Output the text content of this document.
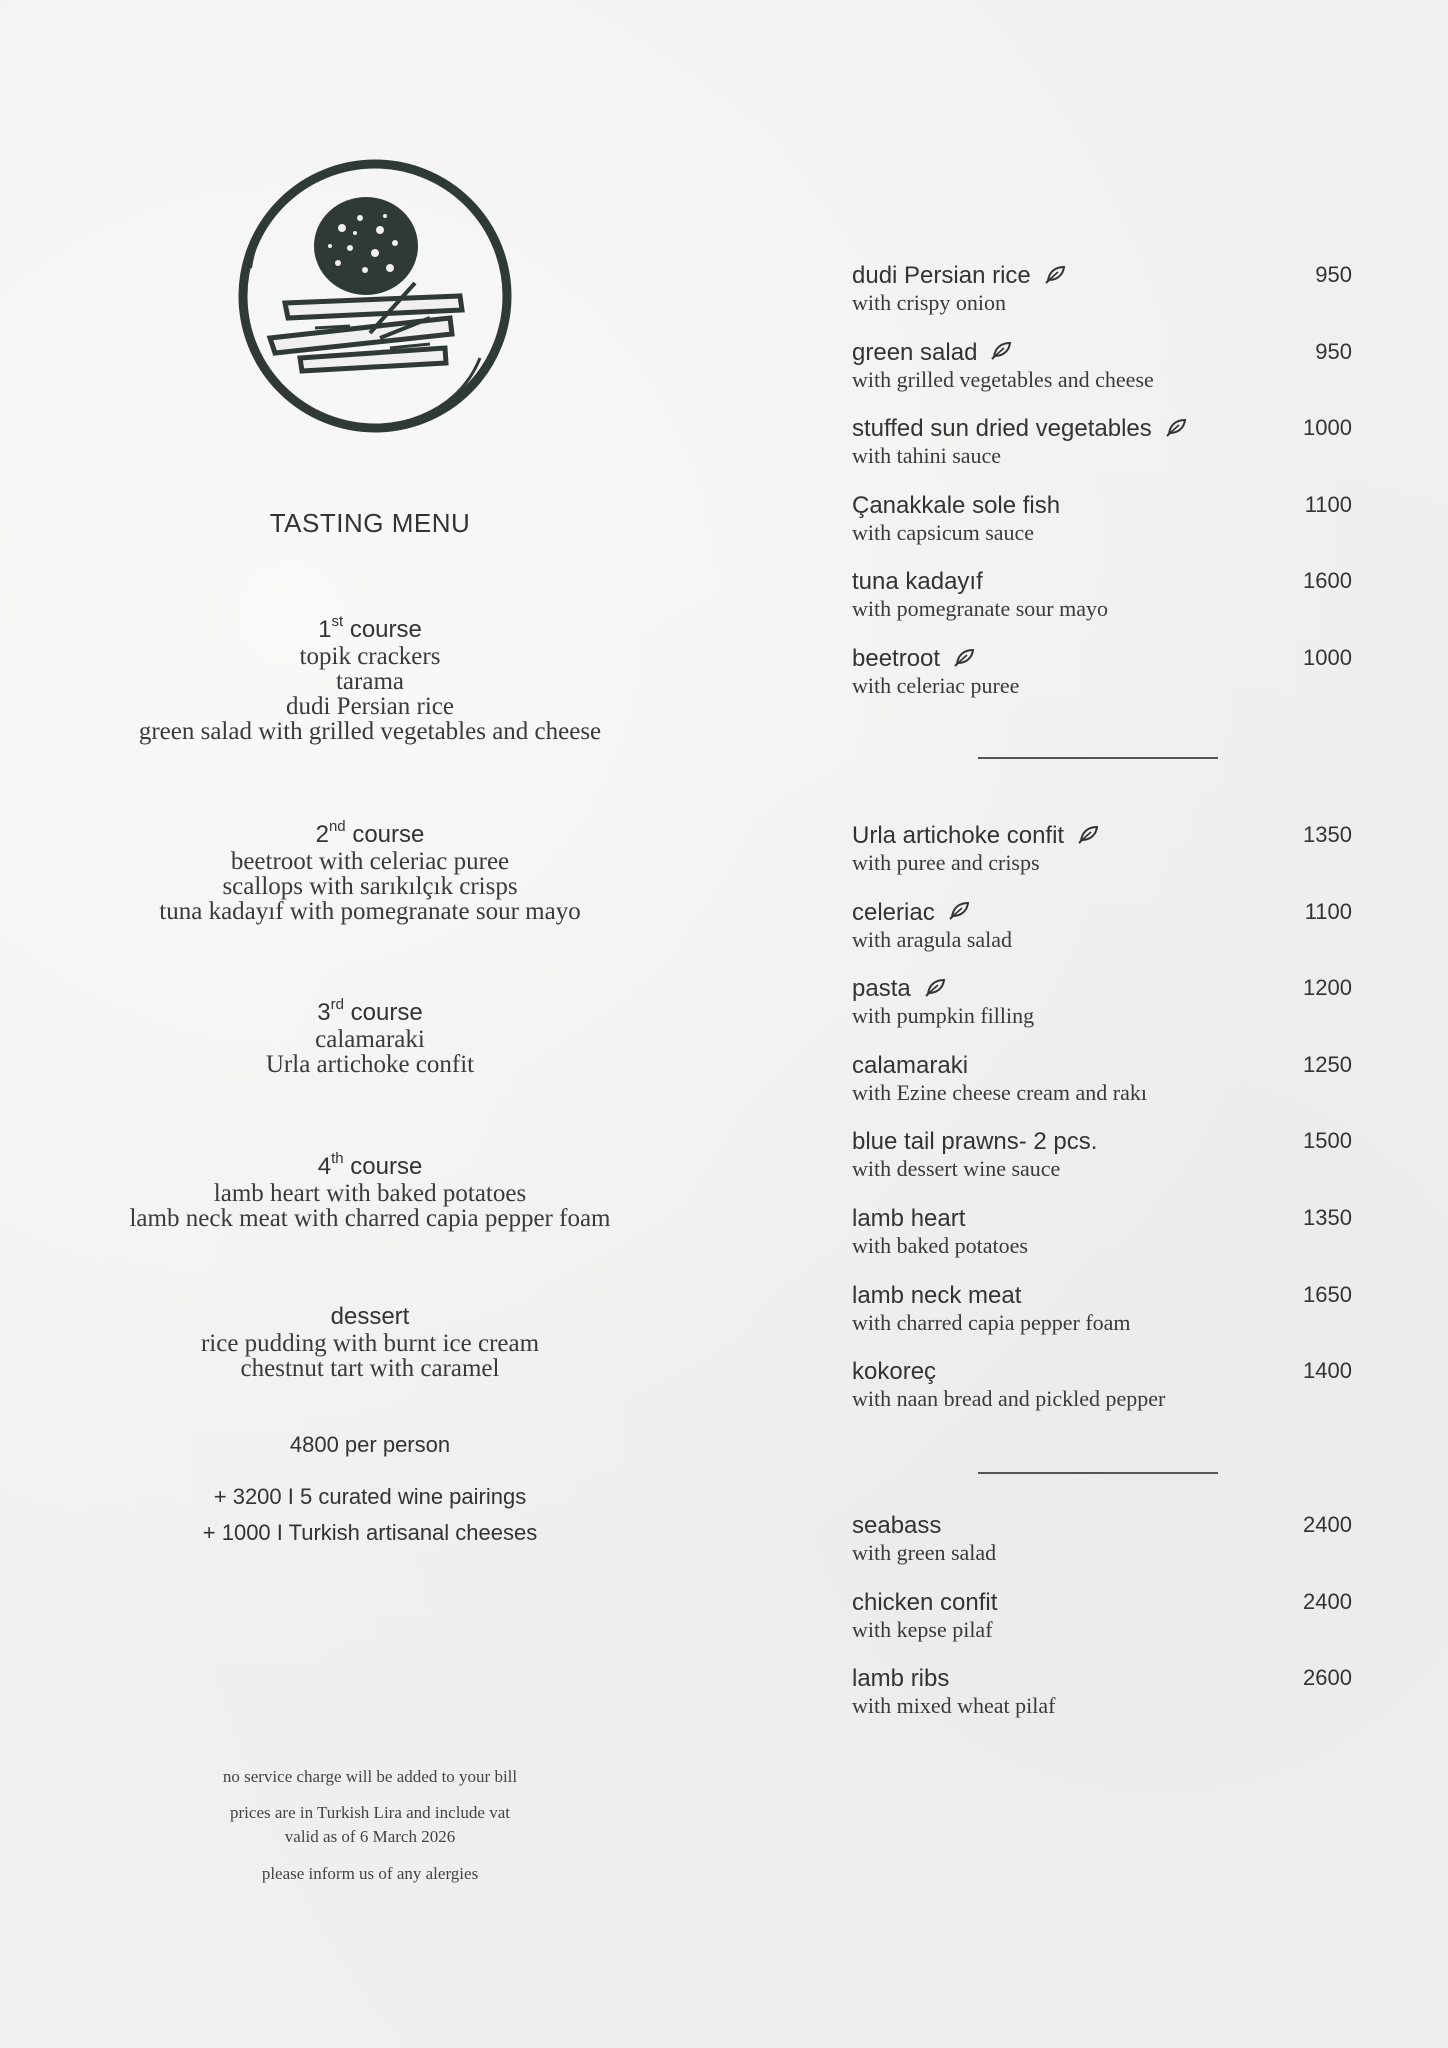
TASTING MENU
1st course
topik crackers
tarama
dudi Persian rice
green salad with grilled vegetables and cheese
2nd course
beetroot with celeriac puree
scallops with sarıkılçık crisps
tuna kadayıf with pomegranate sour mayo
3rd course
calamaraki
Urla artichoke confit
4th course
lamb heart with baked potatoes
lamb neck meat with charred capia pepper foam
dessert
rice pudding with burnt ice cream
chestnut tart with caramel
4800 per person
+ 3200 I 5 curated wine pairings
+ 1000 I Turkish artisanal cheeses
no service charge will be added to your bill
prices are in Turkish Lira and include vat
valid as of 6 March 2026
please inform us of any alergies
dudi Persian rice
with crispy onion
950
green salad
with grilled vegetables and cheese
950
stuffed sun dried vegetables
with tahini sauce
1000
Çanakkale sole fish
with capsicum sauce
1100
tuna kadayıf
with pomegranate sour mayo
1600
beetroot
with celeriac puree
1000
Urla artichoke confit
with puree and crisps
1350
celeriac
with aragula salad
1100
pasta
with pumpkin filling
1200
calamaraki
with Ezine cheese cream and rakı
1250
blue tail prawns- 2 pcs.
with dessert wine sauce
1500
lamb heart
with baked potatoes
1350
lamb neck meat
with charred capia pepper foam
1650
kokoreç
with naan bread and pickled pepper
1400
seabass
with green salad
2400
chicken confit
with kepse pilaf
2400
lamb ribs
with mixed wheat pilaf
2600
